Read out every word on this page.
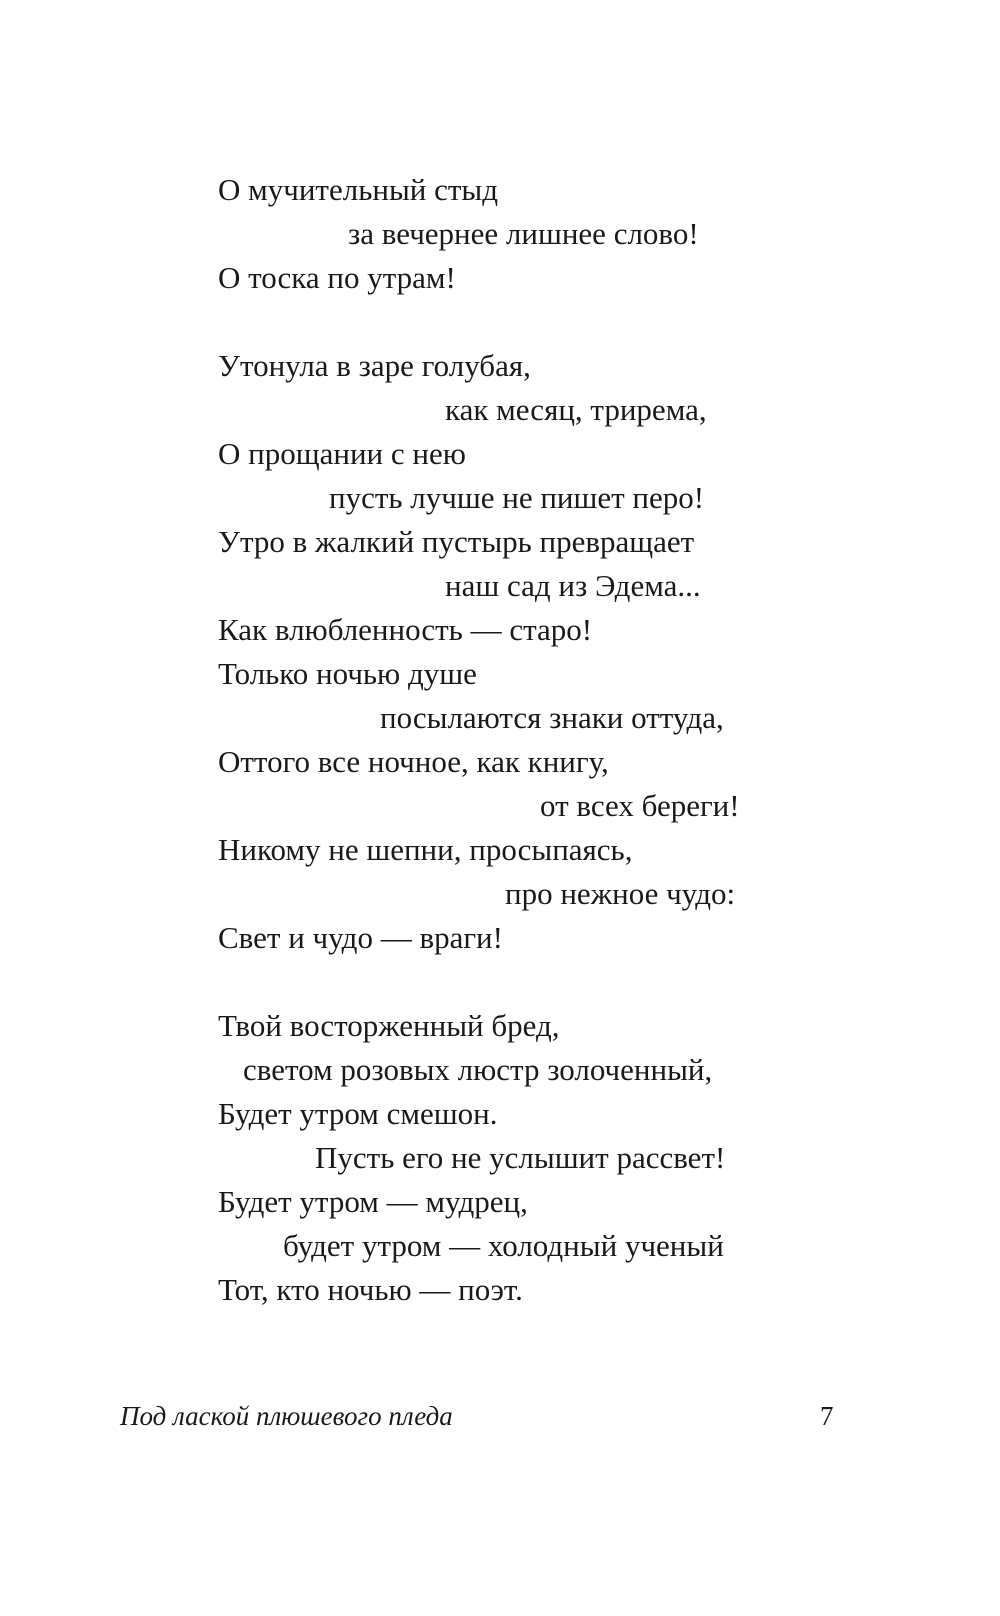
О мучительный стыд
за вечернее лишнее слово!
О тоска по утрам!
Утонула в заре голубая,
как месяц, трирема,
О прощании с нею
пусть лучше не пишет перо!
Утро в жалкий пустырь превращает
наш сад из Эдема...
Как влюбленность — старо!
Только ночью душе
посылаются знаки оттуда,
Оттого все ночное, как книгу,
от всех береги!
Никому не шепни, просыпаясь,
про нежное чудо:
Свет и чудо — враги!
Твой восторженный бред,
светом розовых люстр золоченный,
Будет утром смешон.
Пусть его не услышит рассвет!
Будет утром — мудрец,
будет утром — холодный ученый
Тот, кто ночью — поэт.
Под лаской плюшевого пледа	7
